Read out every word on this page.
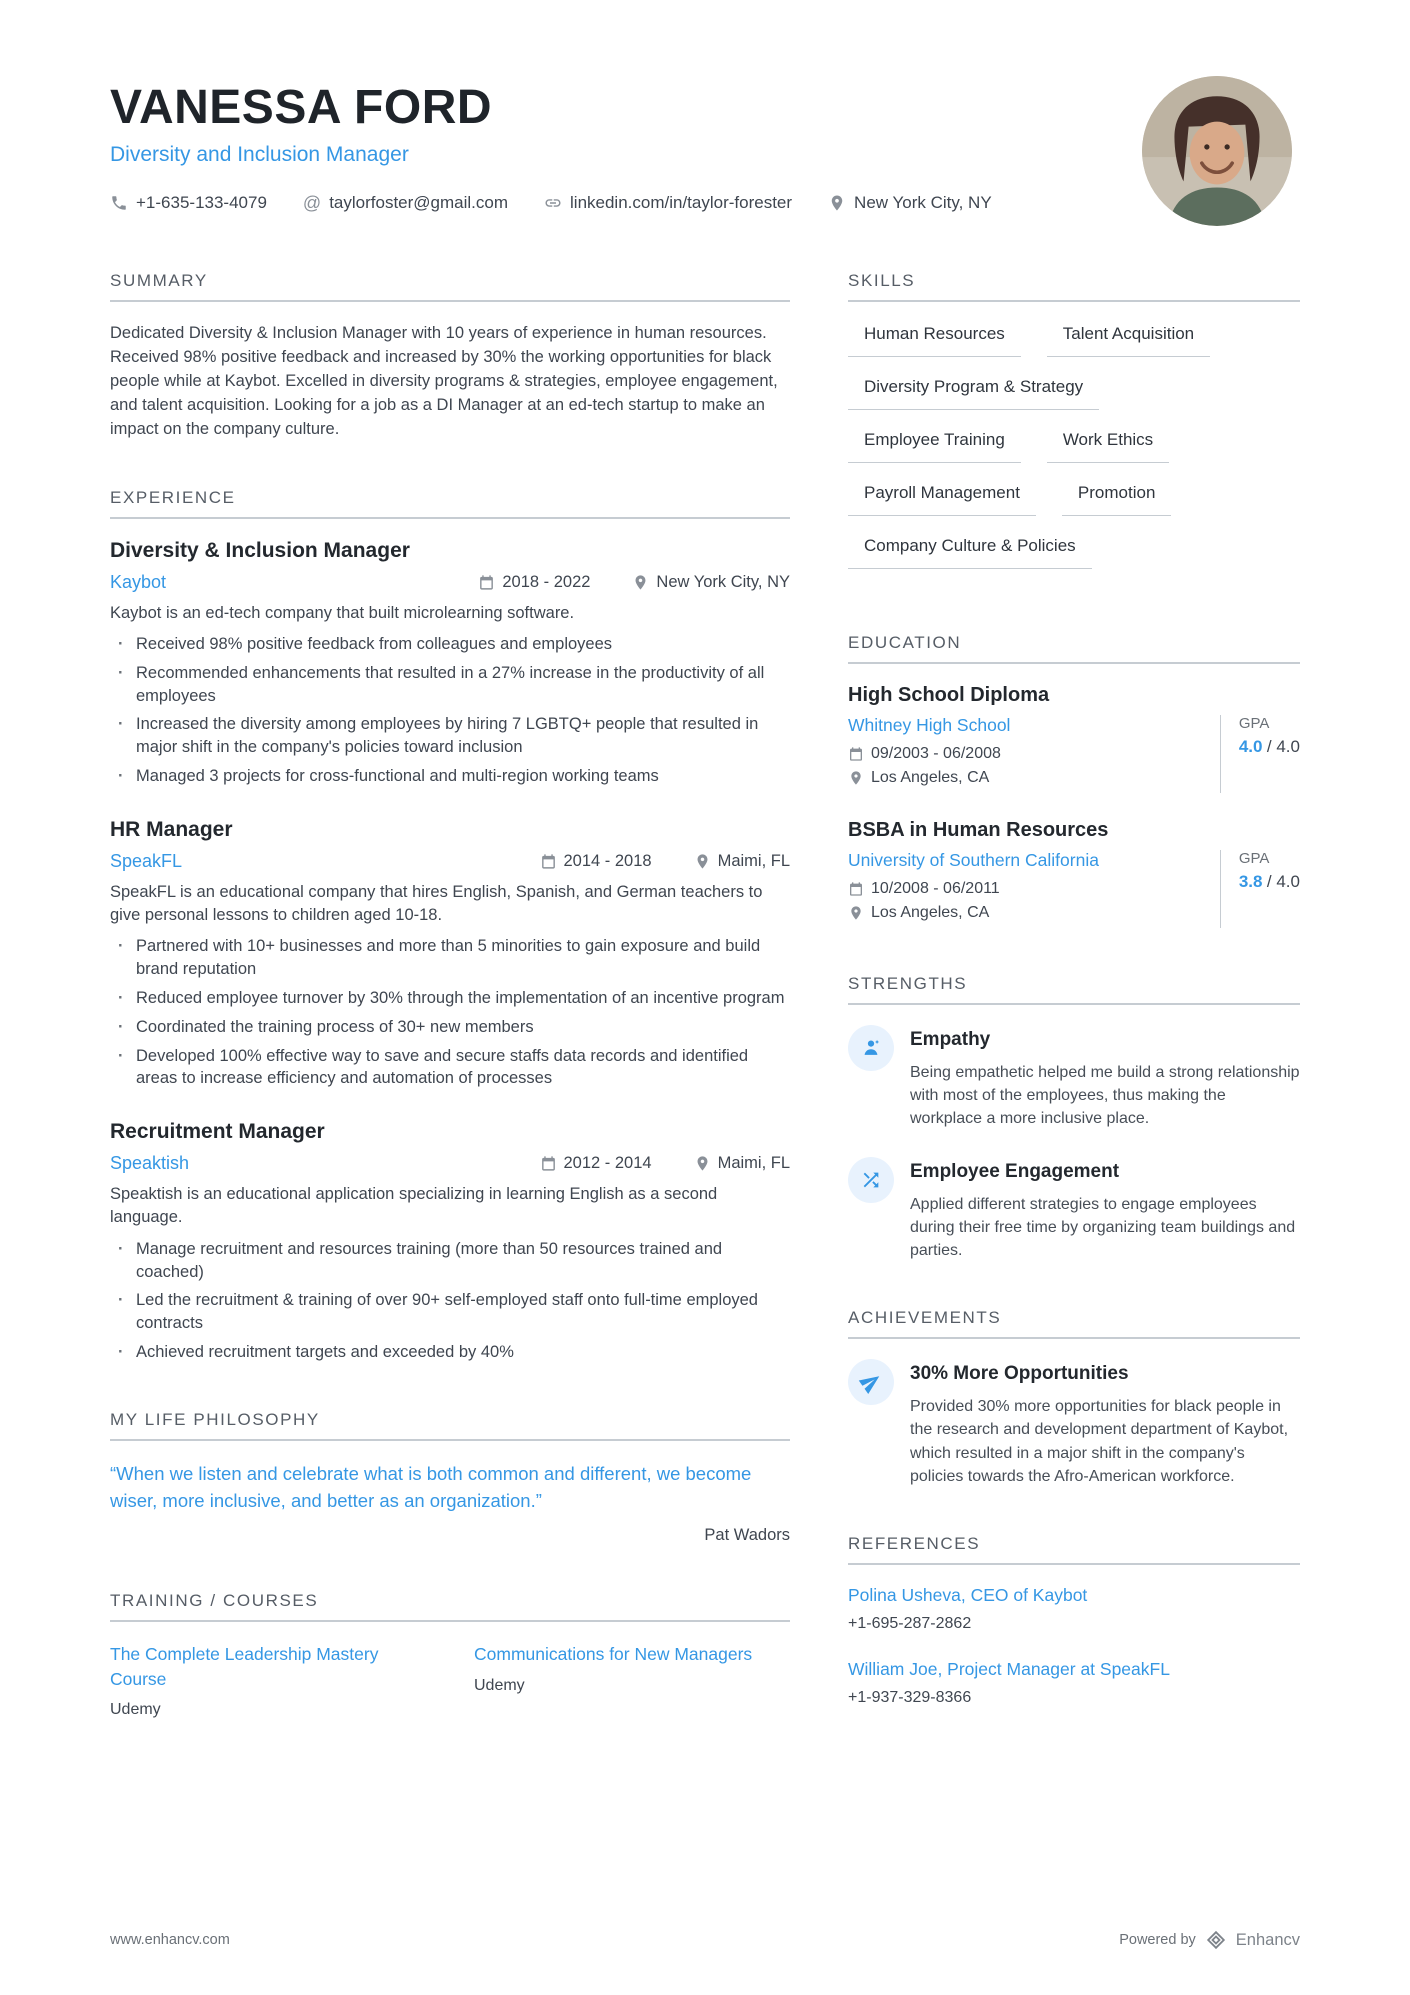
VANESSA FORD
Diversity and Inclusion Manager
+1-635-133-4079 @ taylorfoster@gmail.com	linkedin.com/in/taylor-forester	New York City, NY
SUMMARY

Dedicated Diversity & Inclusion Manager with 10 years of experience in human resources. Received 98% positive feedback and increased by 30% the working opportunities for black people while at Kaybot. Excelled in diversity programs & strategies, employee engagement, and talent acquisition. Looking for a job as a DI Manager at an ed-tech startup to make an impact on the company culture.

EXPERIENCE
Diversity & Inclusion Manager
Kaybot	2018 - 2022	New York City, NY

Kaybot is an ed-tech company that built microlearning software.

· Received 98% positive feedback from colleagues and employees
· Recommended enhancements that resulted in a 27% increase in the productivity of all employees
· Increased the diversity among employees by hiring 7 LGBTQ+ people that resulted in major shift in the company's policies toward inclusion
· Managed 3 projects for cross-functional and multi-region working teams
HR Manager
SpeakFL	2014 - 2018	Maimi, FL

SpeakFL is an educational company that hires English, Spanish, and German teachers to give personal lessons to children aged 10-18.

· Partnered with 10+ businesses and more than 5 minorities to gain exposure and build brand reputation
· Reduced employee turnover by 30% through the implementation of an incentive program
· Coordinated the training process of 30+ new members
· Developed 100% effective way to save and secure staffs data records and identified areas to increase efficiency and automation of processes
Recruitment Manager
Speaktish	2012 - 2014	Maimi, FL

Speaktish is an educational application specializing in learning English as a second language.

· Manage recruitment and resources training (more than 50 resources trained and coached)
· Led the recruitment & training of over 90+ self-employed staff onto full-time employed contracts
· Achieved recruitment targets and exceeded by 40%
MY LIFE PHILOSOPHY

“When we listen and celebrate what is both common and different, we become wiser, more inclusive, and better as an organization.”

Pat Wadors
TRAINING / COURSES
The Complete Leadership Mastery Course
Udemy
Communications for New Managers
Udemy
SKILLS
Human Resources	Talent Acquisition
Diversity Program & Strategy
Employee Training	Work Ethics
Payroll Management	Promotion
Company Culture & Policies
EDUCATION
High School Diploma
Whitney High School
09/2003 - 06/2008
Los Angeles, CA
GPA
4.0 / 4.0
BSBA in Human Resources
University of Southern California
10/2008 - 06/2011
Los Angeles, CA
GPA
3.8 / 4.0
STRENGTHS
Empathy

Being empathetic helped me build a strong relationship with most of the employees, thus making the workplace a more inclusive place.

Employee Engagement

Applied different strategies to engage employees during their free time by organizing team buildings and parties.

ACHIEVEMENTS
30% More Opportunities

Provided 30% more opportunities for black people in the research and development department of Kaybot, which resulted in a major shift in the company's policies towards the Afro-American workforce.

REFERENCES
Polina Usheva, CEO of Kaybot
+1-695-287-2862
William Joe, Project Manager at SpeakFL
+1-937-329-8366
www.enhancv.com	Powered by Enhancv
